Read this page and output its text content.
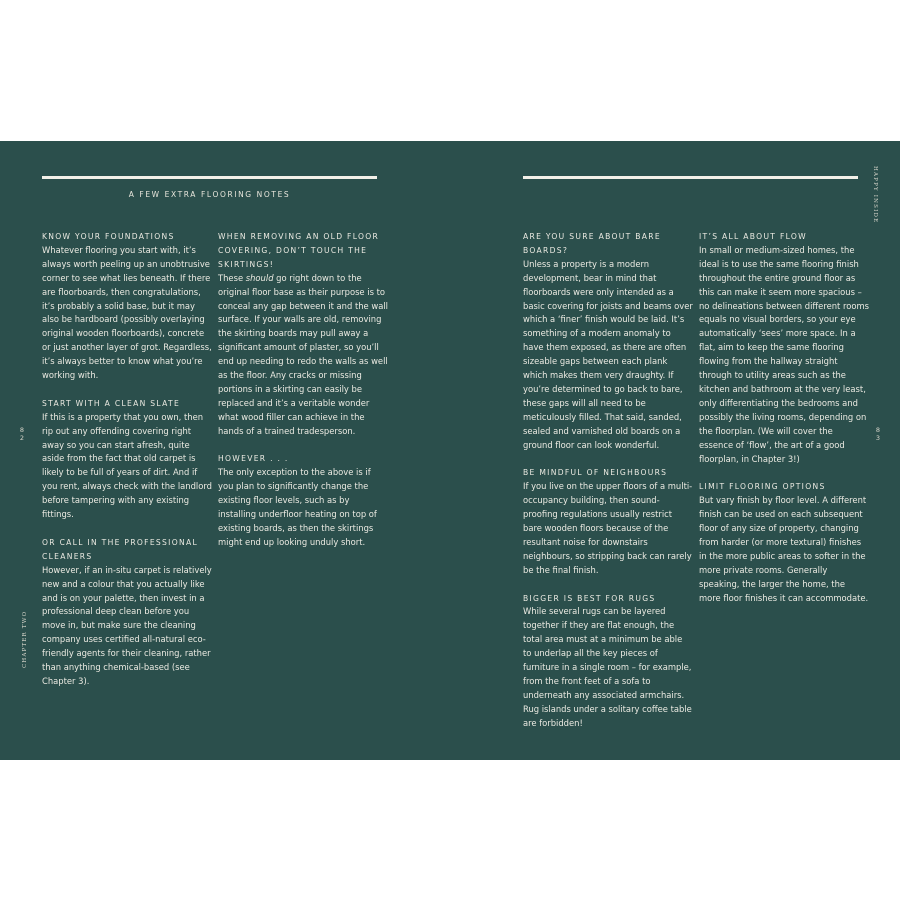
A FEW EXTRA FLOORING NOTES
KNOW YOUR FOUNDATIONS

Whatever flooring you start with, it’s always worth peeling up an unobtrusive corner to see what lies beneath. If there are floorboards, then congratulations, it’s probably a solid base, but it may also be hardboard (possibly overlaying original wooden floorboards), concrete or just another layer of grot. Regardless, it’s always better to know what you’re working with.

START WITH A CLEAN SLATE

If this is a property that you own, then rip out any offending covering right away so you can start afresh, quite aside from the fact that old carpet is likely to be full of years of dirt. And if you rent, always check with the landlord before tampering with any existing fittings.

OR CALL IN THE PROFESSIONAL CLEANERS

However, if an in-situ carpet is relatively new and a colour that you actually like and is on your palette, then invest in a professional deep clean before you move in, but make sure the cleaning company uses certified all-natural eco-friendly agents for their cleaning, rather than anything chemical-based (see Chapter 3).

WHEN REMOVING AN OLD FLOOR COVERING, DON’T TOUCH THE SKIRTINGS!

These should go right down to the original floor base as their purpose is to conceal any gap between it and the wall surface. If your walls are old, removing the skirting boards may pull away a significant amount of plaster, so you’ll end up needing to redo the walls as well as the floor. Any cracks or missing portions in a skirting can easily be replaced and it’s a veritable wonder what wood filler can achieve in the hands of a trained tradesperson.

HOWEVER . . .

The only exception to the above is if you plan to significantly change the existing floor levels, such as by installing underfloor heating on top of existing boards, as then the skirtings might end up looking unduly short.

ARE YOU SURE ABOUT BARE BOARDS?

Unless a property is a modern development, bear in mind that floorboards were only intended as a basic covering for joists and beams over which a ‘finer’ finish would be laid. It’s something of a modern anomaly to have them exposed, as there are often sizeable gaps between each plank which makes them very draughty. If you’re determined to go back to bare, these gaps will all need to be meticulously filled. That said, sanded, sealed and varnished old boards on a ground floor can look wonderful.

BE MINDFUL OF NEIGHBOURS

If you live on the upper floors of a multi-occupancy building, then sound-proofing regulations usually restrict bare wooden floors because of the resultant noise for downstairs neighbours, so stripping back can rarely be the final finish.

BIGGER IS BEST FOR RUGS

While several rugs can be layered together if they are flat enough, the total area must at a minimum be able to underlap all the key pieces of furniture in a single room – for example, from the front feet of a sofa to underneath any associated armchairs. Rug islands under a solitary coffee table are forbidden!

IT’S ALL ABOUT FLOW

In small or medium-sized homes, the ideal is to use the same flooring finish throughout the entire ground floor as this can make it seem more spacious – no delineations between different rooms equals no visual borders, so your eye automatically ‘sees’ more space. In a flat, aim to keep the same flooring flowing from the hallway straight through to utility areas such as the kitchen and bathroom at the very least, only differentiating the bedrooms and possibly the living rooms, depending on the floorplan. (We will cover the essence of ‘flow’, the art of a good floorplan, in Chapter 3!)

LIMIT FLOORING OPTIONS

But vary finish by floor level. A different finish can be used on each subsequent floor of any size of property, changing from harder (or more textural) finishes in the more public areas to softer in the more private rooms. Generally speaking, the larger the home, the more floor finishes it can accommodate.

8
2
8
3
CHAPTER TWO
HAPPY INSIDE
